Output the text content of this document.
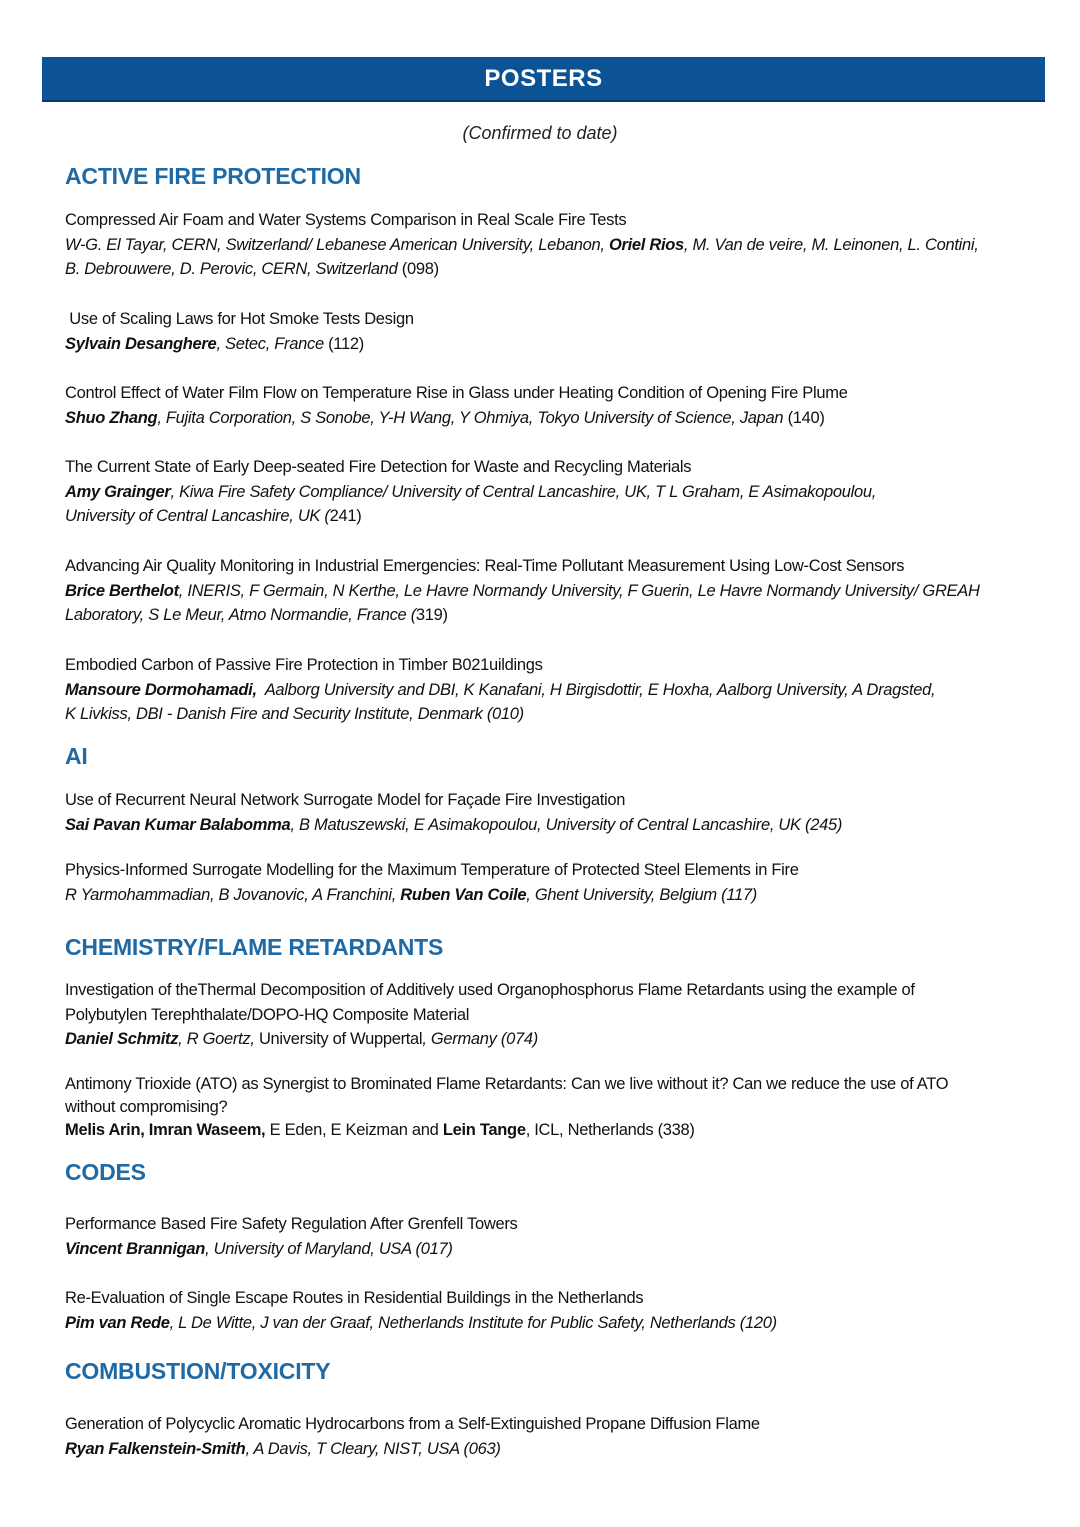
POSTERS
(Confirmed to date)
ACTIVE FIRE PROTECTION
Compressed Air Foam and Water Systems Comparison in Real Scale Fire Tests
W-G. El Tayar, CERN, Switzerland/ Lebanese American University, Lebanon, Oriel Rios, M. Van de veire, M. Leinonen, L. Contini,
B. Debrouwere, D. Perovic, CERN, Switzerland (098)
Use of Scaling Laws for Hot Smoke Tests Design
Sylvain Desanghere, Setec, France (112)
Control Effect of Water Film Flow on Temperature Rise in Glass under Heating Condition of Opening Fire Plume
Shuo Zhang, Fujita Corporation, S Sonobe, Y-H Wang, Y Ohmiya, Tokyo University of Science, Japan (140)
The Current State of Early Deep-seated Fire Detection for Waste and Recycling Materials
Amy Grainger, Kiwa Fire Safety Compliance/ University of Central Lancashire, UK, T L Graham, E Asimakopoulou,
University of Central Lancashire, UK (241)
Advancing Air Quality Monitoring in Industrial Emergencies: Real-Time Pollutant Measurement Using Low-Cost Sensors
Brice Berthelot, INERIS, F Germain, N Kerthe, Le Havre Normandy University, F Guerin, Le Havre Normandy University/ GREAH
Laboratory, S Le Meur, Atmo Normandie, France (319)
Embodied Carbon of Passive Fire Protection in Timber B021uildings
Mansoure Dormohamadi,  Aalborg University and DBI, K Kanafani, H Birgisdottir, E Hoxha, Aalborg University, A Dragsted,
K Livkiss, DBI - Danish Fire and Security Institute, Denmark (010)
AI
Use of Recurrent Neural Network Surrogate Model for Façade Fire Investigation
Sai Pavan Kumar Balabomma, B Matuszewski, E Asimakopoulou, University of Central Lancashire, UK (245)
Physics-Informed Surrogate Modelling for the Maximum Temperature of Protected Steel Elements in Fire
R Yarmohammadian, B Jovanovic, A Franchini, Ruben Van Coile, Ghent University, Belgium (117)
CHEMISTRY/FLAME RETARDANTS
Investigation of theThermal Decomposition of Additively used Organophosphorus Flame Retardants using the example of
Polybutylen Terephthalate/DOPO-HQ Composite Material
Daniel Schmitz, R Goertz, University of Wuppertal, Germany (074)
Antimony Trioxide (ATO) as Synergist to Brominated Flame Retardants: Can we live without it? Can we reduce the use of ATO
without compromising?
Melis Arin, Imran Waseem, E Eden, E Keizman and Lein Tange, ICL, Netherlands (338)
CODES
Performance Based Fire Safety Regulation After Grenfell Towers
Vincent Brannigan, University of Maryland, USA (017)
Re-Evaluation of Single Escape Routes in Residential Buildings in the Netherlands
Pim van Rede, L De Witte, J van der Graaf, Netherlands Institute for Public Safety, Netherlands (120)
COMBUSTION/TOXICITY
Generation of Polycyclic Aromatic Hydrocarbons from a Self-Extinguished Propane Diffusion Flame
Ryan Falkenstein-Smith, A Davis, T Cleary, NIST, USA (063)
